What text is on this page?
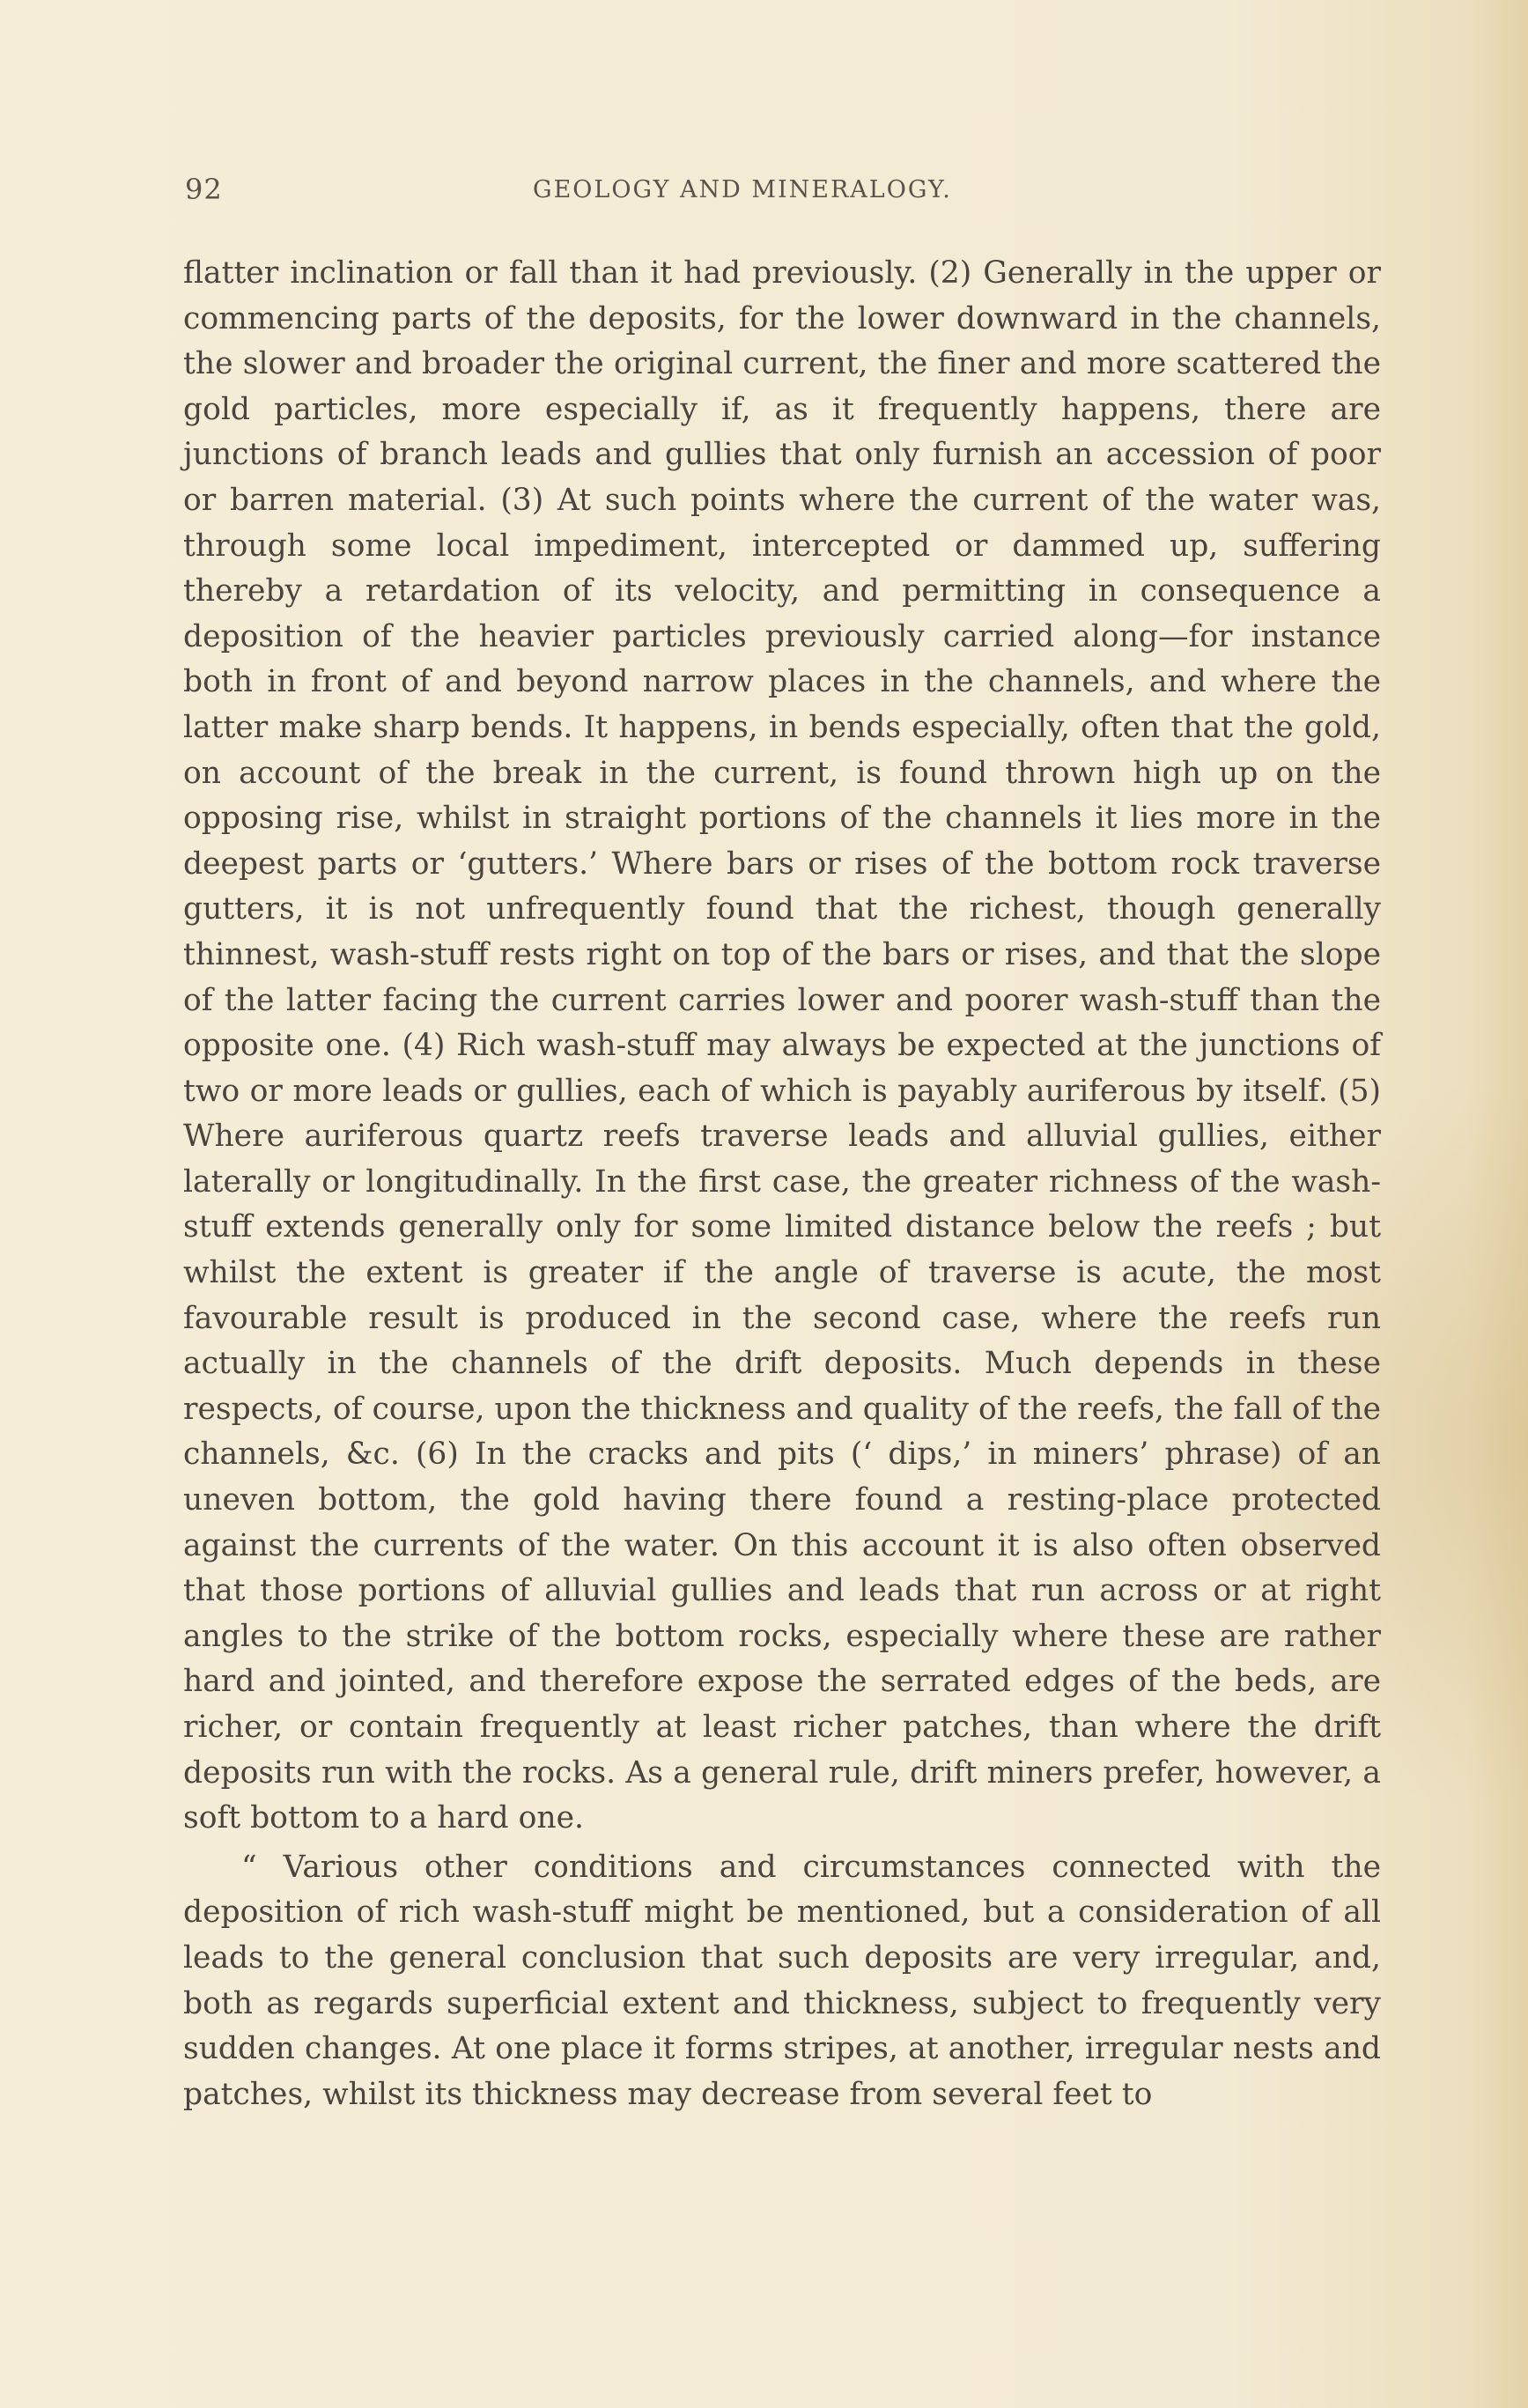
92	GEOLOGY AND MINERALOGY.

flatter inclination or fall than it had previously. (2) Generally in the upper or commencing parts of the deposits, for the lower downward in the channels, the slower and broader the original current, the finer and more scattered the gold particles, more especially if, as it frequently happens, there are junctions of branch leads and gullies that only furnish an accession of poor or barren material. (3) At such points where the current of the water was, through some local impediment, intercepted or dammed up, suffering thereby a retardation of its velocity, and permitting in consequence a deposition of the heavier particles previously carried along—for instance both in front of and beyond narrow places in the channels, and where the latter make sharp bends. It happens, in bends especially, often that the gold, on account of the break in the current, is found thrown high up on the opposing rise, whilst in straight portions of the channels it lies more in the deepest parts or ‘gutters.’ Where bars or rises of the bottom rock traverse gutters, it is not unfrequently found that the richest, though generally thinnest, wash-stuff rests right on top of the bars or rises, and that the slope of the latter facing the current carries lower and poorer wash-stuff than the opposite one. (4) Rich wash-stuff may always be expected at the junctions of two or more leads or gullies, each of which is payably auriferous by itself. (5) Where auriferous quartz reefs traverse leads and alluvial gullies, either laterally or longitudinally. In the first case, the greater richness of the wash-stuff extends generally only for some limited distance below the reefs ; but whilst the extent is greater if the angle of traverse is acute, the most favourable result is produced in the second case, where the reefs run actually in the channels of the drift deposits. Much depends in these respects, of course, upon the thickness and quality of the reefs, the fall of the channels, &c. (6) In the cracks and pits (‘ dips,’ in miners’ phrase) of an uneven bottom, the gold having there found a resting-place protected against the currents of the water. On this account it is also often observed that those portions of alluvial gullies and leads that run across or at right angles to the strike of the bottom rocks, especially where these are rather hard and jointed, and therefore expose the serrated edges of the beds, are richer, or contain frequently at least richer patches, than where the drift deposits run with the rocks. As a general rule, drift miners prefer, however, a soft bottom to a hard one.

“ Various other conditions and circumstances connected with the deposition of rich wash-stuff might be mentioned, but a consideration of all leads to the general conclusion that such deposits are very irregular, and, both as regards superficial extent and thickness, subject to frequently very sudden changes. At one place it forms stripes, at another, irregular nests and patches, whilst its thickness may decrease from several feet to
